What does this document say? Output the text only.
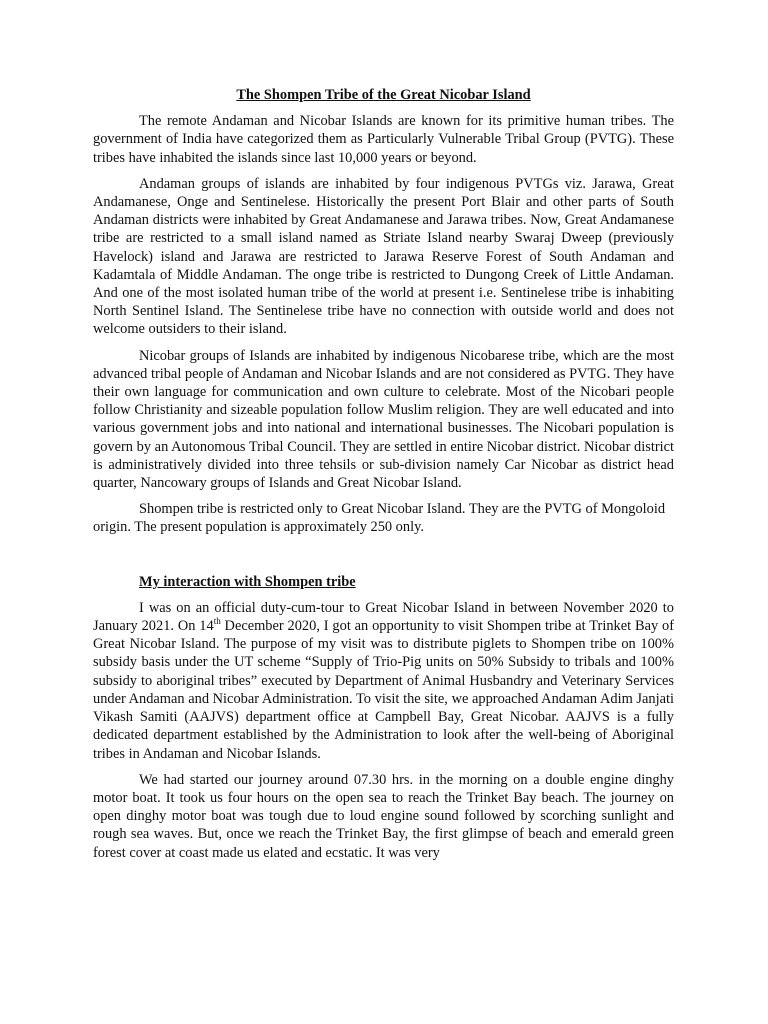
The Shompen Tribe of the Great Nicobar Island

The remote Andaman and Nicobar Islands are known for its primitive human tribes. The government of India have categorized them as Particularly Vulnerable Tribal Group (PVTG). These tribes have inhabited the islands since last 10,000 years or beyond.

Andaman groups of islands are inhabited by four indigenous PVTGs viz. Jarawa, Great Andamanese, Onge and Sentinelese. Historically the present Port Blair and other parts of South Andaman districts were inhabited by Great Andamanese and Jarawa tribes. Now, Great Andamanese tribe are restricted to a small island named as Striate Island nearby Swaraj Dweep (previously Havelock) island and Jarawa are restricted to Jarawa Reserve Forest of South Andaman and Kadamtala of Middle Andaman. The onge tribe is restricted to Dungong Creek of Little Andaman. And one of the most isolated human tribe of the world at present i.e. Sentinelese tribe is inhabiting North Sentinel Island. The Sentinelese tribe have no connection with outside world and does not welcome outsiders to their island.

Nicobar groups of Islands are inhabited by indigenous Nicobarese tribe, which are the most advanced tribal people of Andaman and Nicobar Islands and are not considered as PVTG. They have their own language for communication and own culture to celebrate. Most of the Nicobari people follow Christianity and sizeable population follow Muslim religion. They are well educated and into various government jobs and into national and international businesses. The Nicobari population is govern by an Autonomous Tribal Council. They are settled in entire Nicobar district. Nicobar district is administratively divided into three tehsils or sub-division namely Car Nicobar as district head quarter, Nancowary groups of Islands and Great Nicobar Island.

Shompen tribe is restricted only to Great Nicobar Island. They are the PVTG of Mongoloid origin. The present population is approximately 250 only.

My interaction with Shompen tribe

I was on an official duty-cum-tour to Great Nicobar Island in between November 2020 to January 2021. On 14th December 2020, I got an opportunity to visit Shompen tribe at Trinket Bay of Great Nicobar Island. The purpose of my visit was to distribute piglets to Shompen tribe on 100% subsidy basis under the UT scheme “Supply of Trio-Pig units on 50% Subsidy to tribals and 100% subsidy to aboriginal tribes” executed by Department of Animal Husbandry and Veterinary Services under Andaman and Nicobar Administration. To visit the site, we approached Andaman Adim Janjati Vikash Samiti (AAJVS) department office at Campbell Bay, Great Nicobar. AAJVS is a fully dedicated department established by the Administration to look after the well-being of Aboriginal tribes in Andaman and Nicobar Islands.

We had started our journey around 07.30 hrs. in the morning on a double engine dinghy motor boat. It took us four hours on the open sea to reach the Trinket Bay beach. The journey on open dinghy motor boat was tough due to loud engine sound followed by scorching sunlight and rough sea waves. But, once we reach the Trinket Bay, the first glimpse of beach and emerald green forest cover at coast made us elated and ecstatic. It was very
